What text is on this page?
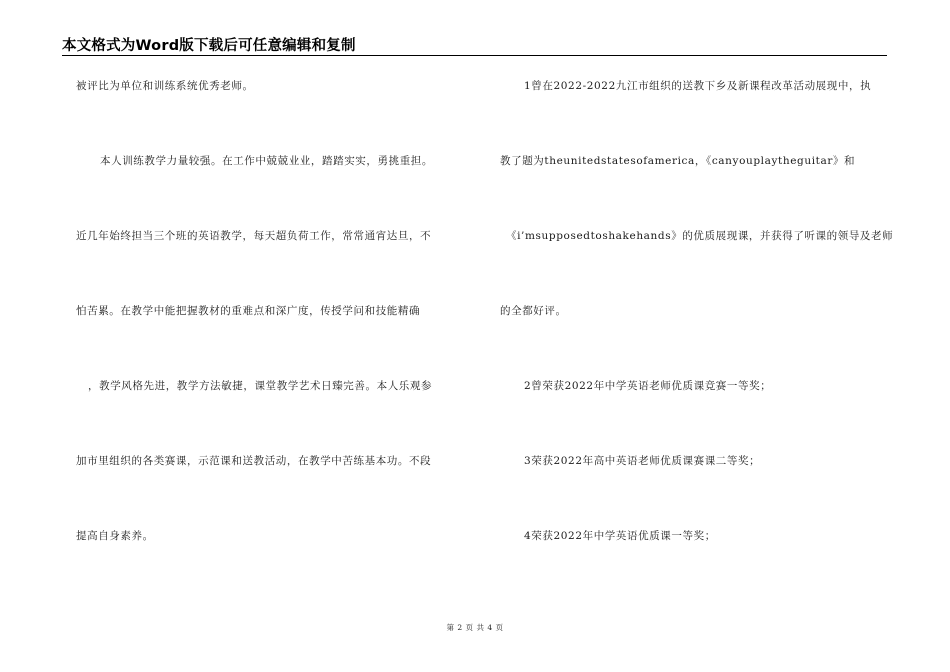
本文格式为Word版下载后可任意编辑和复制
被评比为单位和训练系统优秀老师。
本人训练教学力量较强。在工作中兢兢业业，踏踏实实，勇挑重担。
近几年始终担当三个班的英语教学，每天超负荷工作，常常通宵达旦，不
怕苦累。在教学中能把握教材的重难点和深广度，传授学问和技能精确
，教学风格先进，教学方法敏捷，课堂教学艺术日臻完善。本人乐观参
加市里组织的各类赛课，示范课和送教活动，在教学中苦练基本功。不段
提高自身素养。
1曾在2022-2022九江市组织的送教下乡及新课程改革活动展现中，执
教了题为theunitedstatesofamerica，《canyouplaytheguitar》和
《i’msupposedtoshakehands》的优质展现课，并获得了听课的领导及老师
的全都好评。
2曾荣获2022年中学英语老师优质课竞赛一等奖；
3荣获2022年高中英语老师优质课赛课二等奖；
4荣获2022年中学英语优质课一等奖；
第 2 页 共 4 页
